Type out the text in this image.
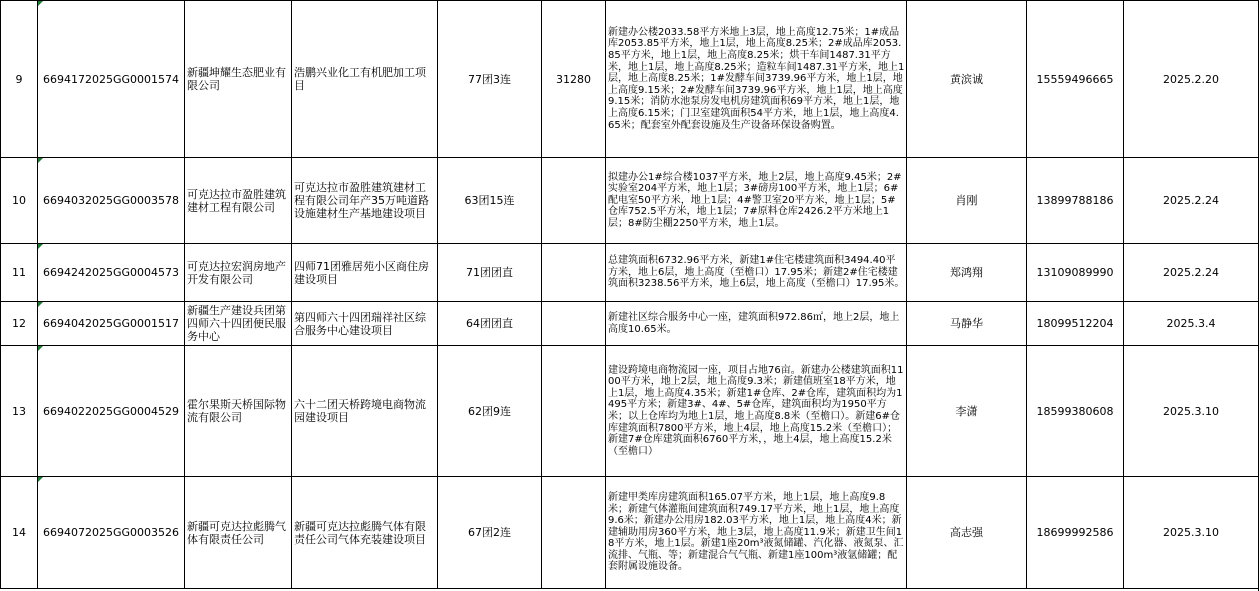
9	6694172025GG0001574	新疆坤耀生态肥业有限公司	浩鹏兴业化工有机肥加工项目	77团3连	31280	新建办公楼2033.58平方米地上3层，地上高度12.75米；1#成品库2053.85平方米，地上1层，地上高度8.25米；2#成品库2053.85平方米，地上1层，地上高度8.25米；烘干车间1487.31平方米，地上1层，地上高度8.25米；造粒车间1487.31平方米，地上1层，地上高度8.25米；1#发酵车间3739.96平方米，地上1层，地上高度9.15米；2#发酵车间3739.96平方米，地上1层，地上高度9.15米；消防水池泵房发电机房建筑面积69平方米，地上1层，地上高度6.15米；门卫室建筑面积54平方米，地上1层，地上高度4.65米；配套室外配套设施及生产设备环保设备购置。	黄滨诚	15559496665	2025.2.20
10	6694032025GG0003578	可克达拉市盈胜建筑建材工程有限公司	可克达拉市盈胜建筑建材工程有限公司年产35万吨道路设施建材生产基地建设项目	63团15连		拟建办公1#综合楼1037平方米，地上2层，地上高度9.45米；2#实验室204平方米，地上1层；3#磅房100平方米，地上1层；6#配电室50平方米，地上1层；4#警卫室20平方米，地上1层；5#仓库752.5平方米，地上1层；7#原料仓库2426.2平方米地上1层；8#防尘棚2250平方米，地上1层。	肖刚	13899788186	2025.2.24
11	6694242025GG0004573	可克达拉宏润房地产开发有限公司	四师71团雅居苑小区商住房建设项目	71团团直		总建筑面积6732.96平方米，新建1#住宅楼建筑面积3494.40平方米，地上6层，地上高度（至檐口）17.95米；新建2#住宅楼建筑面积3238.56平方米，地上6层，地上高度（至檐口）17.95米。	郑鸿翔	13109089990	2025.2.24
12	6694042025GG0001517	新疆生产建设兵团第四师六十四团便民服务中心	第四师六十四团瑞祥社区综合服务中心建设项目	64团团直		新建社区综合服务中心一座，建筑面积972.86㎡，地上2层，地上高度10.65米。	马静华	18099512204	2025.3.4
13	6694022025GG0004529	霍尔果斯天桥国际物流有限公司	六十二团天桥跨境电商物流园建设项目	62团9连		建设跨境电商物流园一座，项目占地76亩。新建办公楼建筑面积1100平方米，地上2层，地上高度9.3米；新建值班室18平方米，地上1层，地上高度4.35米；新建1#仓库、2#仓库，建筑面积均为1495平方米；新建3#、4#、5#仓库，建筑面积均为1950平方米；以上仓库均为地上1层，地上高度8.8米（至檐口）。新建6#仓库建筑面积7800平方米，地上4层，地上高度15.2米（至檐口）；新建7#仓库建筑面积6760平方米，，地上4层，地上高度15.2米（至檐口）	李潇	18599380608	2025.3.10
14	6694072025GG0003526	新疆可克达拉彪腾气体有限责任公司	新疆可克达拉彪腾气体有限责任公司气体充装建设项目	67团2连		新建甲类库房建筑面积165.07平方米，地上1层，地上高度9.8米；新建气体灌瓶间建筑面积749.17平方米，地上1层，地上高度9.6米；新建办公用房182.03平方米，地上1层，地上高度4米；新建辅助用房360平方米，地上3层，地上高度11.9米；新建卫生间18平方米，地上1层。新建1座20m³液氮储罐、汽化器、液氮泵、汇流排、气瓶、等；新建混合气气瓶、新建1座100m³液氩储罐；配套附属设施设备。	高志强	18699992586	2025.3.10
